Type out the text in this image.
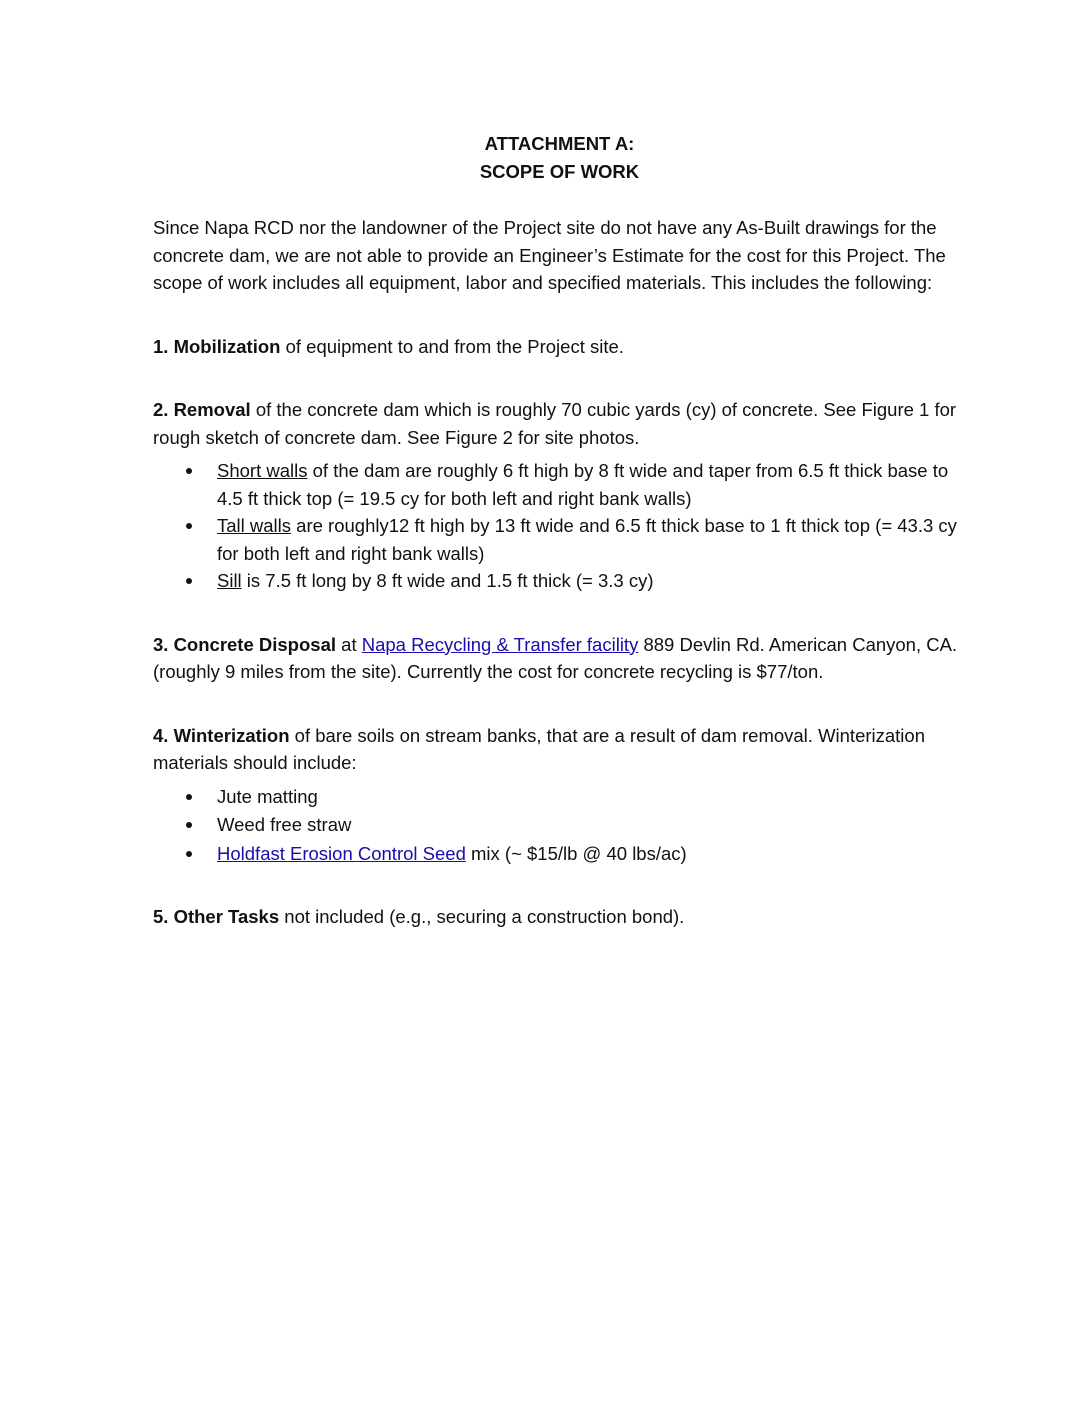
ATTACHMENT A:
SCOPE OF WORK

Since Napa RCD nor the landowner of the Project site do not have any As-Built drawings for the concrete dam, we are not able to provide an Engineer’s Estimate for the cost for this Project. The scope of work includes all equipment, labor and specified materials. This includes the following:

1. Mobilization of equipment to and from the Project site.
2. Removal of the concrete dam which is roughly 70 cubic yards (cy) of concrete. See Figure 1 for rough sketch of concrete dam. See Figure 2 for site photos.
Short walls of the dam are roughly 6 ft high by 8 ft wide and taper from 6.5 ft thick base to 4.5 ft thick top (= 19.5 cy for both left and right bank walls)
Tall walls are roughly12 ft high by 13 ft wide and 6.5 ft thick base to 1 ft thick top (= 43.3 cy for both left and right bank walls)
Sill is 7.5 ft long by 8 ft wide and 1.5 ft thick (= 3.3 cy)
3. Concrete Disposal at Napa Recycling & Transfer facility 889 Devlin Rd. American Canyon, CA. (roughly 9 miles from the site). Currently the cost for concrete recycling is $77/ton.
4. Winterization of bare soils on stream banks, that are a result of dam removal. Winterization materials should include:
Jute matting
Weed free straw
Holdfast Erosion Control Seed mix (~ $15/lb @ 40 lbs/ac)
5. Other Tasks not included (e.g., securing a construction bond).
